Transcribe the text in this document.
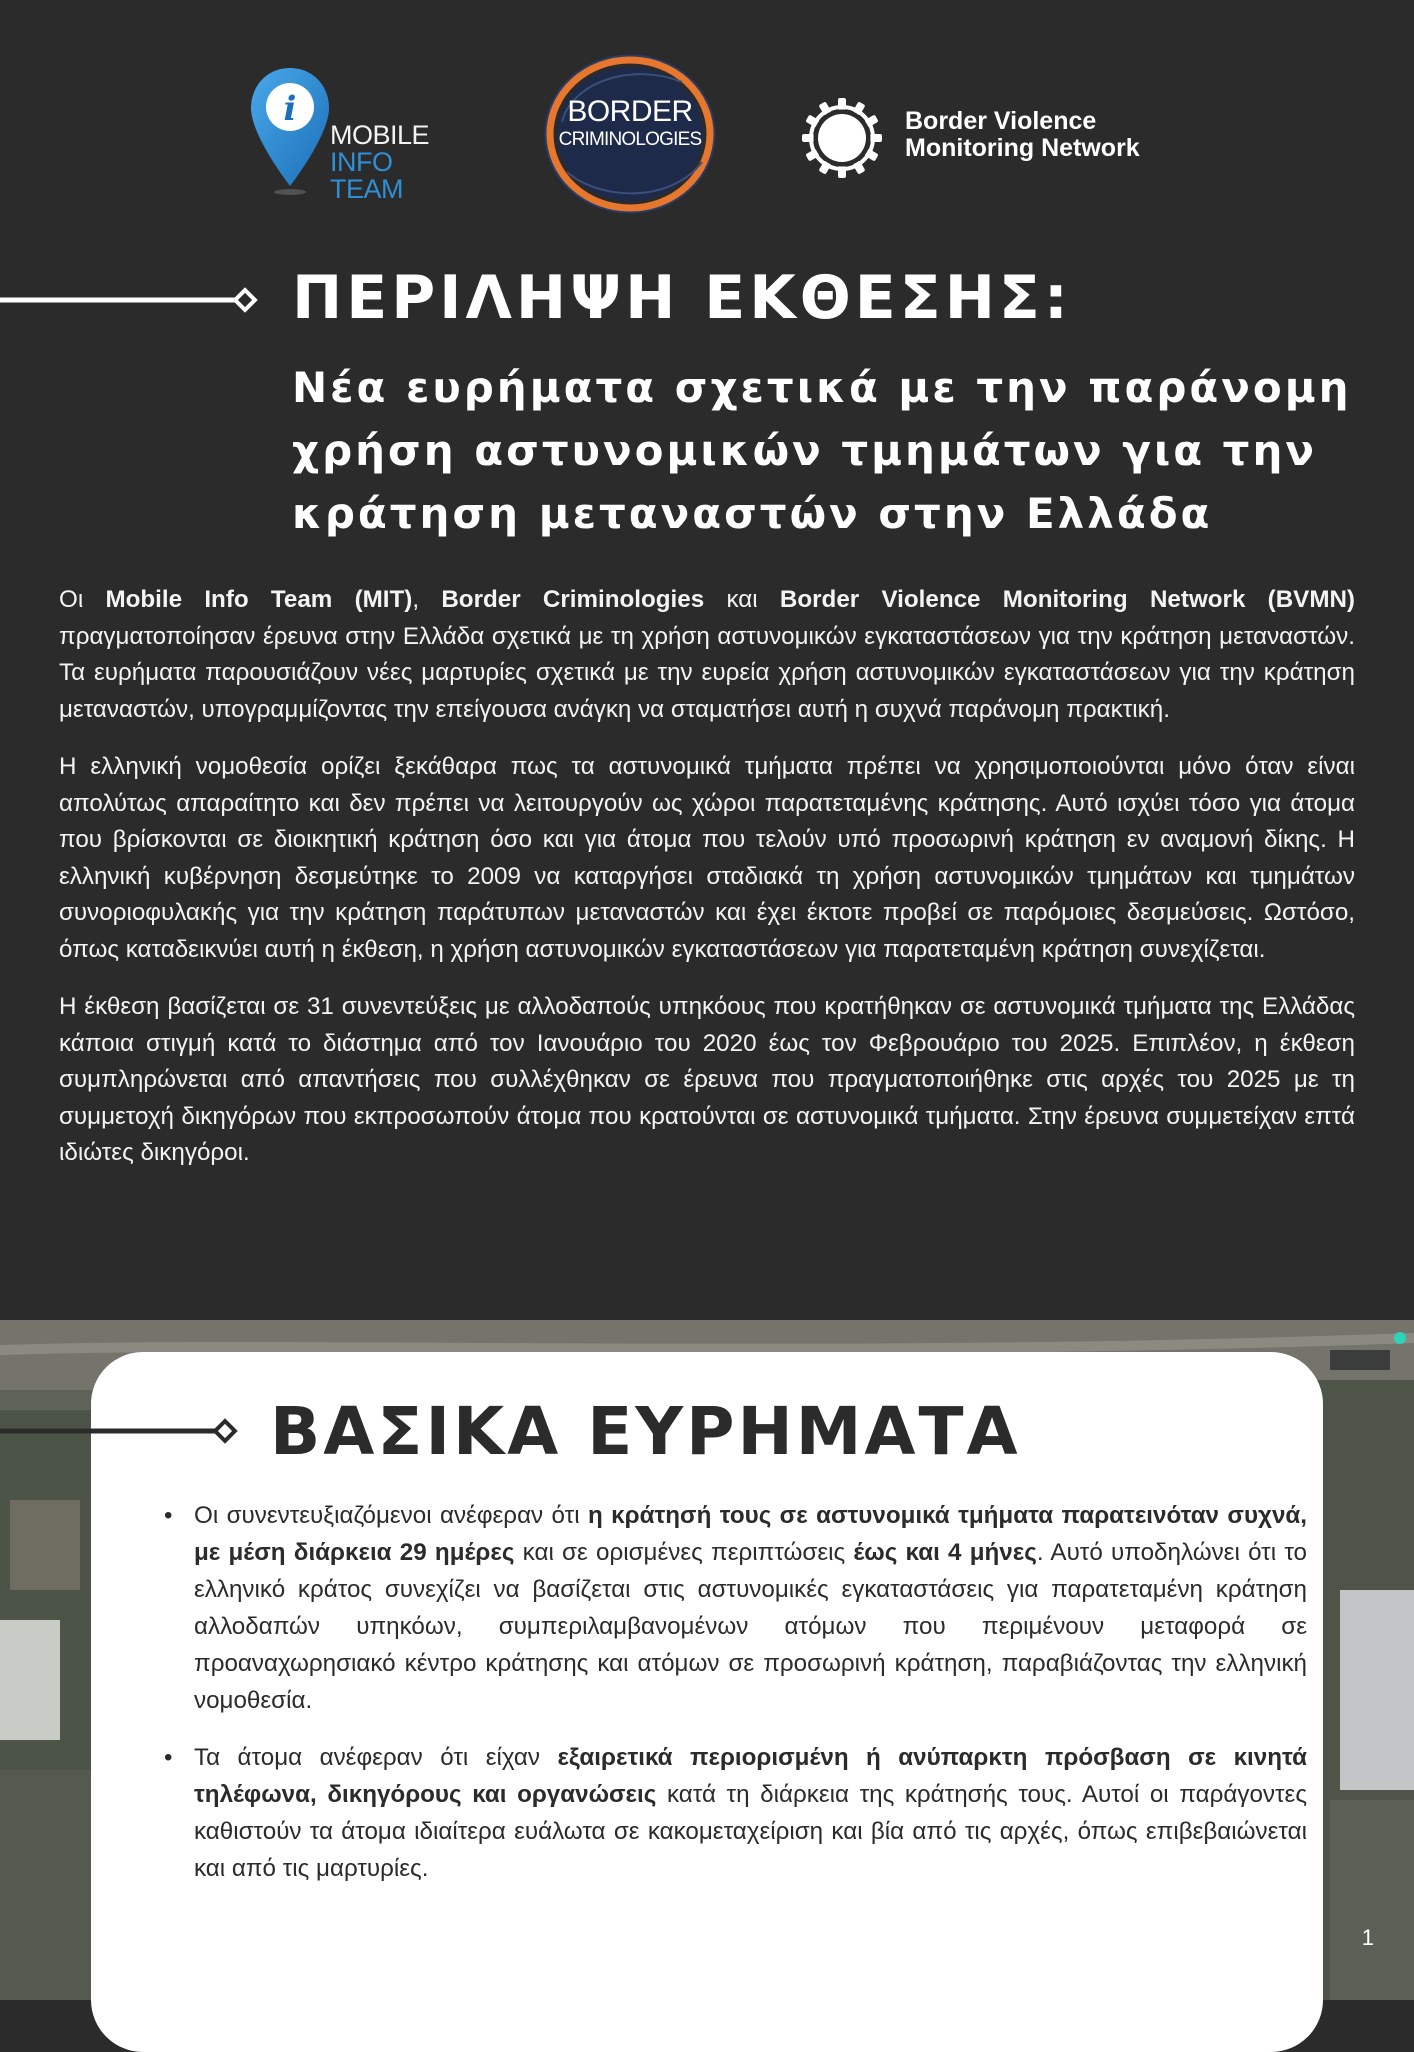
i
MOBILE
INFO TEAM
BORDER
CRIMINOLOGIES
Border Violence
Monitoring Network
ΠΕΡΙΛΗΨΗ ΕΚΘΕΣΗΣ:
Νέα ευρήματα σχετικά με την παράνομη χρήση αστυνομικών τμημάτων για την κράτηση μεταναστών στην Ελλάδα

Οι Mobile Info Team (MIT), Border Criminologies και Border Violence Monitoring Network (BVMN) πραγματοποίησαν έρευνα στην Ελλάδα σχετικά με τη χρήση αστυνομικών εγκαταστάσεων για την κράτηση μεταναστών. Τα ευρήματα παρουσιάζουν νέες μαρτυρίες σχετικά με την ευρεία χρήση αστυνομικών εγκαταστάσεων για την κράτηση μεταναστών, υπογραμμίζοντας την επείγουσα ανάγκη να σταματήσει αυτή η συχνά παράνομη πρακτική.

Η ελληνική νομοθεσία ορίζει ξεκάθαρα πως τα αστυνομικά τμήματα πρέπει να χρησιμοποιούνται μόνο όταν είναι απολύτως απαραίτητο και δεν πρέπει να λειτουργούν ως χώροι παρατεταμένης κράτησης. Αυτό ισχύει τόσο για άτομα που βρίσκονται σε διοικητική κράτηση όσο και για άτομα που τελούν υπό προσωρινή κράτηση εν αναμονή δίκης. Η ελληνική κυβέρνηση δεσμεύτηκε το 2009 να καταργήσει σταδιακά τη χρήση αστυνομικών τμημάτων και τμημάτων συνοριοφυλακής για την κράτηση παράτυπων μεταναστών και έχει έκτοτε προβεί σε παρόμοιες δεσμεύσεις. Ωστόσο, όπως καταδεικνύει αυτή η έκθεση, η χρήση αστυνομικών εγκαταστάσεων για παρατεταμένη κράτηση συνεχίζεται.

Η έκθεση βασίζεται σε 31 συνεντεύξεις με αλλοδαπούς υπηκόους που κρατήθηκαν σε αστυνομικά τμήματα της Ελλάδας κάποια στιγμή κατά το διάστημα από τον Ιανουάριο του 2020 έως τον Φεβρουάριο του 2025. Επιπλέον, η έκθεση συμπληρώνεται από απαντήσεις που συλλέχθηκαν σε έρευνα που πραγματοποιήθηκε στις αρχές του 2025 με τη συμμετοχή δικηγόρων που εκπροσωπούν άτομα που κρατούνται σε αστυνομικά τμήματα. Στην έρευνα συμμετείχαν επτά ιδιώτες δικηγόροι.

ΒΑΣΙΚΑ ΕΥΡΗΜΑΤΑ
• Οι συνεντευξιαζόμενοι ανέφεραν ότι η κράτησή τους σε αστυνομικά τμήματα παρατεινόταν συχνά, με μέση διάρκεια 29 ημέρες και σε ορισμένες περιπτώσεις έως και 4 μήνες. Αυτό υποδηλώνει ότι το ελληνικό κράτος συνεχίζει να βασίζεται στις αστυνομικές εγκαταστάσεις για παρατεταμένη κράτηση αλλοδαπών υπηκόων, συμπεριλαμβανομένων ατόμων που περιμένουν μεταφορά σε προαναχωρησιακό κέντρο κράτησης και ατόμων σε προσωρινή κράτηση, παραβιάζοντας την ελληνική νομοθεσία.
• Τα άτομα ανέφεραν ότι είχαν εξαιρετικά περιορισμένη ή ανύπαρκτη πρόσβαση σε κινητά τηλέφωνα, δικηγόρους και οργανώσεις κατά τη διάρκεια της κράτησής τους. Αυτοί οι παράγοντες καθιστούν τα άτομα ιδιαίτερα ευάλωτα σε κακομεταχείριση και βία από τις αρχές, όπως επιβεβαιώνεται και από τις μαρτυρίες.
1
